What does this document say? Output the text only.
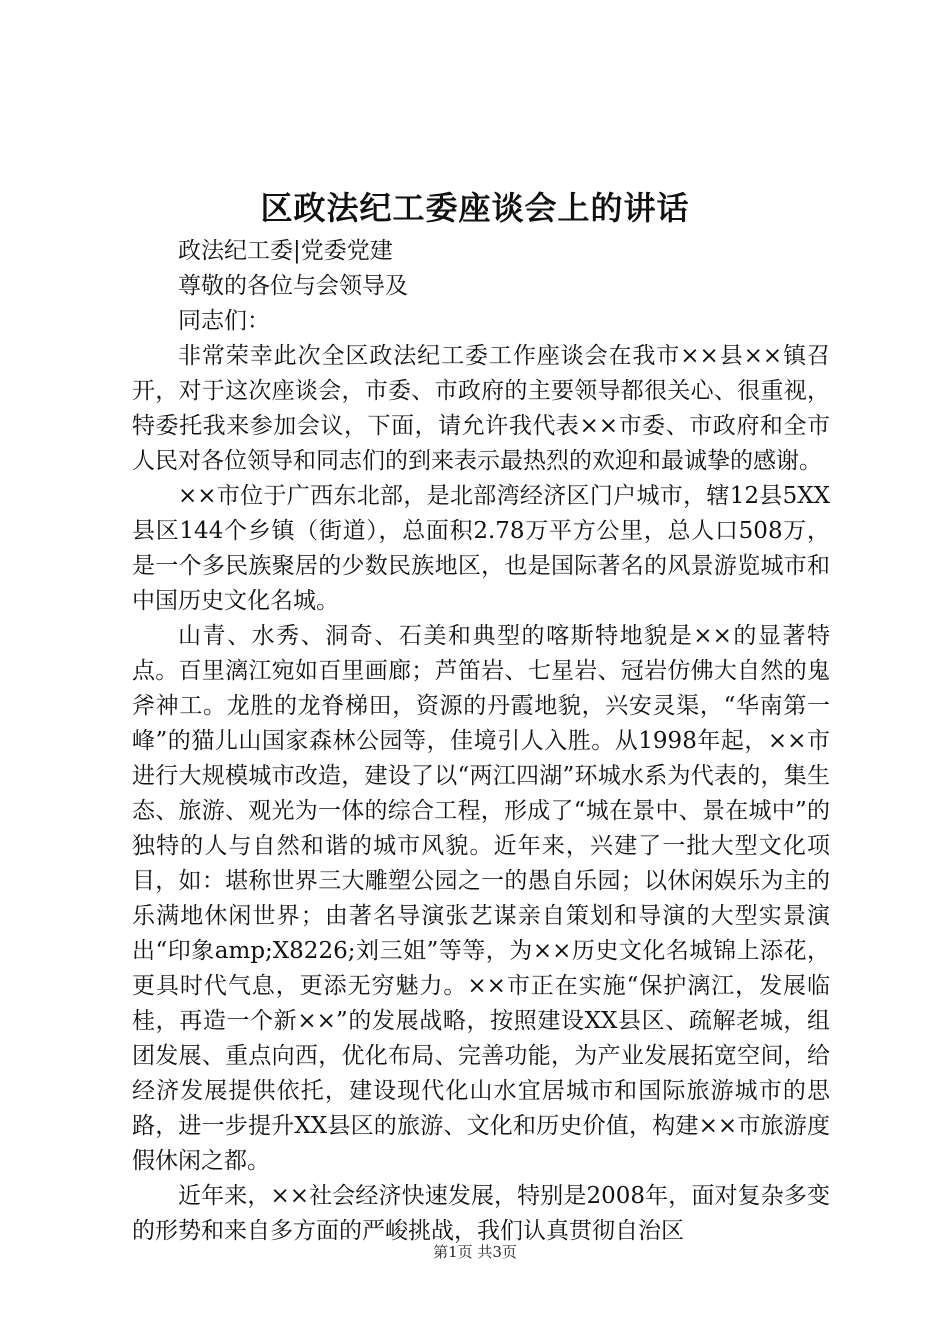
区政法纪工委座谈会上的讲话

政法纪工委|党委党建

尊敬的各位与会领导及

同志们：

非常荣幸此次全区政法纪工委工作座谈会在我市××县××镇召开，对于这次座谈会，市委、市政府的主要领导都很关心、很重视，特委托我来参加会议，下面，请允许我代表××市委、市政府和全市人民对各位领导和同志们的到来表示最热烈的欢迎和最诚挚的感谢。

××市位于广西东北部，是北部湾经济区门户城市，辖12县5XX县区144个乡镇（街道），总面积2.78万平方公里，总人口508万，是一个多民族聚居的少数民族地区，也是国际著名的风景游览城市和中国历史文化名城。

山青、水秀、洞奇、石美和典型的喀斯特地貌是××的显著特点。百里漓江宛如百里画廊；芦笛岩、七星岩、冠岩仿佛大自然的鬼斧神工。龙胜的龙脊梯田，资源的丹霞地貌，兴安灵渠，“华南第一峰”的猫儿山国家森林公园等，佳境引人入胜。从1998年起，××市进行大规模城市改造，建设了以“两江四湖”环城水系为代表的，集生态、旅游、观光为一体的综合工程，形成了“城在景中、景在城中”的独特的人与自然和谐的城市风貌。近年来，兴建了一批大型文化项目，如：堪称世界三大雕塑公园之一的愚自乐园；以休闲娱乐为主的乐满地休闲世界；由著名导演张艺谋亲自策划和导演的大型实景演出“印象amp;X8226;刘三姐”等等，为××历史文化名城锦上添花，更具时代气息，更添无穷魅力。××市正在实施“保护漓江，发展临桂，再造一个新××”的发展战略，按照建设XX县区、疏解老城，组团发展、重点向西，优化布局、完善功能，为产业发展拓宽空间，给经济发展提供依托，建设现代化山水宜居城市和国际旅游城市的思路，进一步提升XX县区的旅游、文化和历史价值，构建××市旅游度假休闲之都。

近年来，××社会经济快速发展，特别是2008年，面对复杂多变的形势和来自多方面的严峻挑战，我们认真贯彻自治区

第1页 共3页
